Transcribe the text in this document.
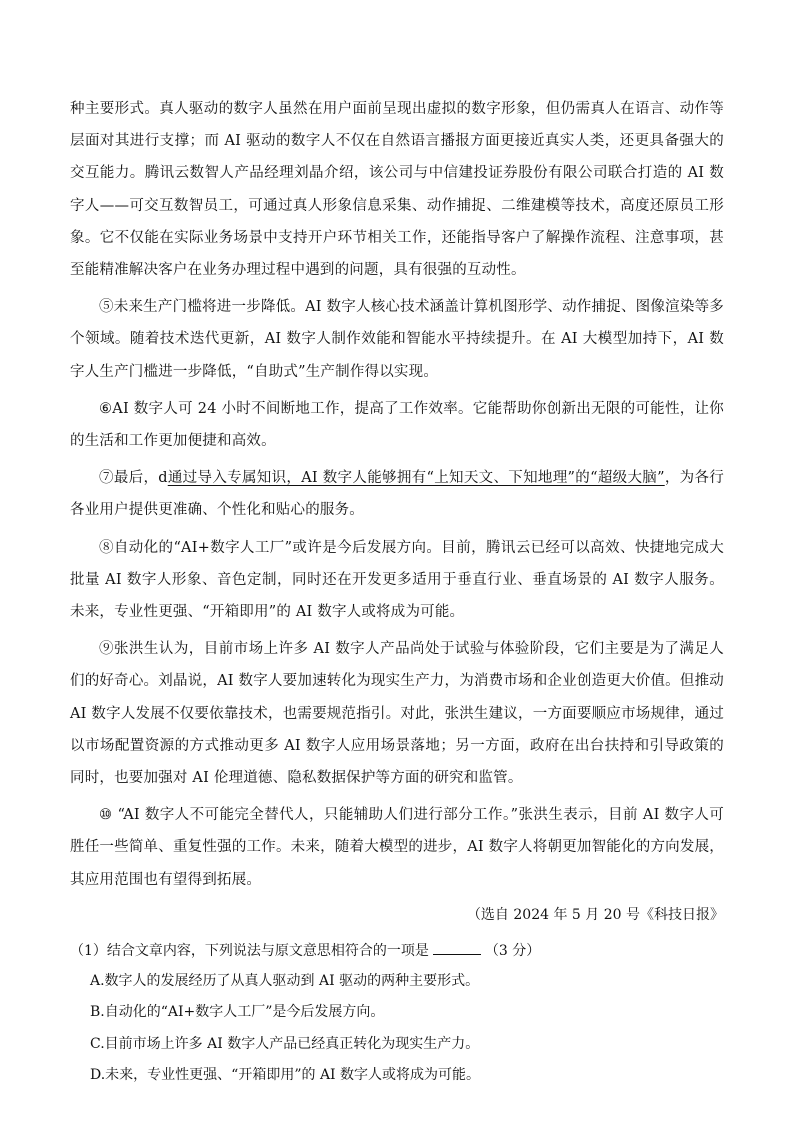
种主要形式。真人驱动的数字人虽然在用户面前呈现出虚拟的数字形象，但仍需真人在语言、动作等层面对其进行支撑；而 AI 驱动的数字人不仅在自然语言播报方面更接近真实人类，还更具备强大的交互能力。腾讯云数智人产品经理刘晶介绍，该公司与中信建投证券股份有限公司联合打造的 AI 数字人——可交互数智员工，可通过真人形象信息采集、动作捕捉、二维建模等技术，高度还原员工形象。它不仅能在实际业务场景中支持开户环节相关工作，还能指导客户了解操作流程、注意事项，甚至能精准解决客户在业务办理过程中遇到的问题，具有很强的互动性。

⑤未来生产门槛将进一步降低。AI 数字人核心技术涵盖计算机图形学、动作捕捉、图像渲染等多个领域。随着技术迭代更新，AI 数字人制作效能和智能水平持续提升。在 AI 大模型加持下，AI 数字人生产门槛进一步降低，“自助式”生产制作得以实现。

⑥AI 数字人可 24 小时不间断地工作，提高了工作效率。它能帮助你创新出无限的可能性，让你的生活和工作更加便捷和高效。

⑦最后，d通过导入专属知识，AI 数字人能够拥有“上知天文、下知地理”的“超级大脑”，为各行各业用户提供更准确、个性化和贴心的服务。

⑧自动化的“AI+数字人工厂”或许是今后发展方向。目前，腾讯云已经可以高效、快捷地完成大批量 AI 数字人形象、音色定制，同时还在开发更多适用于垂直行业、垂直场景的 AI 数字人服务。未来，专业性更强、“开箱即用”的 AI 数字人或将成为可能。

⑨张洪生认为，目前市场上许多 AI 数字人产品尚处于试验与体验阶段，它们主要是为了满足人们的好奇心。刘晶说，AI 数字人要加速转化为现实生产力，为消费市场和企业创造更大价值。但推动 AI 数字人发展不仅要依靠技术，也需要规范指引。对此，张洪生建议，一方面要顺应市场规律，通过以市场配置资源的方式推动更多 AI 数字人应用场景落地；另一方面，政府在出台扶持和引导政策的同时，也要加强对 AI 伦理道德、隐私数据保护等方面的研究和监管。

⑩ “AI 数字人不可能完全替代人，只能辅助人们进行部分工作。”张洪生表示，目前 AI 数字人可胜任一些简单、重复性强的工作。未来，随着大模型的进步，AI 数字人将朝更加智能化的方向发展，其应用范围也有望得到拓展。

（选自 2024 年 5 月 20 号《科技日报》
（1）结合文章内容，下列说法与原文意思相符合的一项是	（3 分）
A.数字人的发展经历了从真人驱动到 AI 驱动的两种主要形式。
B.自动化的“AI+数字人工厂”是今后发展方向。
C.目前市场上许多 AI 数字人产品已经真正转化为现实生产力。
D.未来，专业性更强、“开箱即用”的 AI 数字人或将成为可能。
